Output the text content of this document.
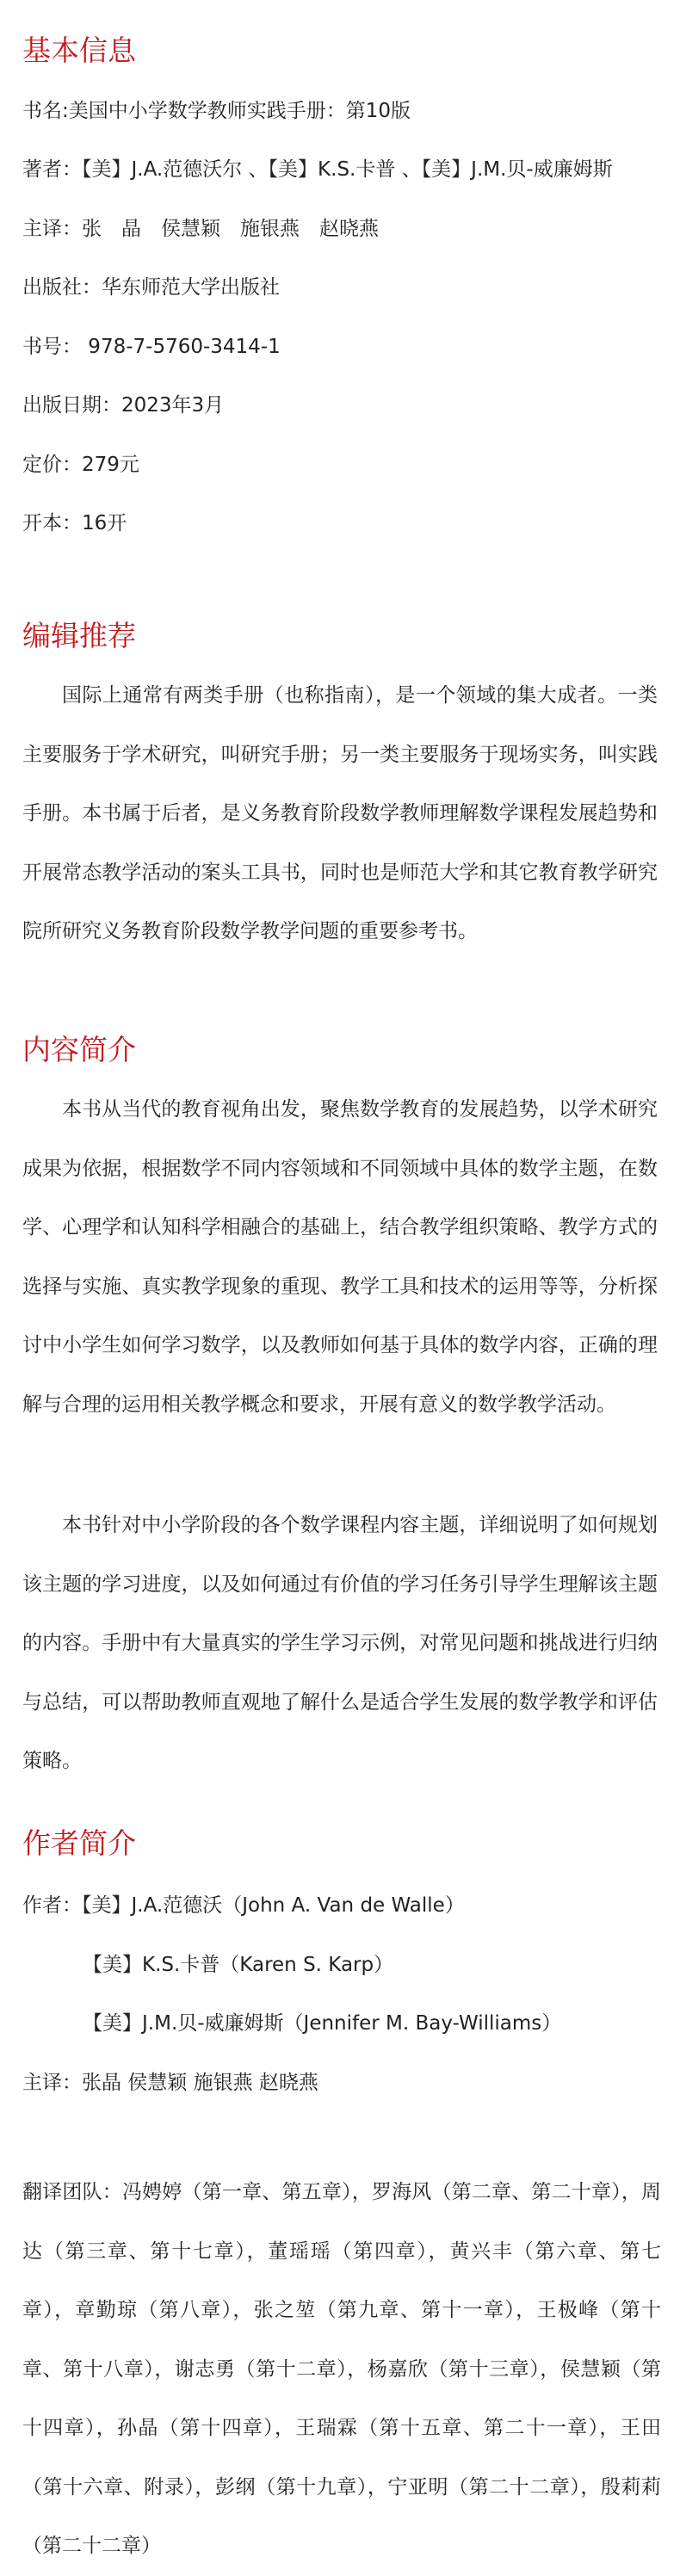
基本信息

书名:美国中小学数学教师实践手册：第10版

著者：【美】J.A.范德沃尔 、【美】K.S.卡普 、【美】J.M.贝-威廉姆斯

主译：张　晶　侯慧颖　施银燕　赵晓燕

出版社：华东师范大学出版社

书号： 978-7-5760-3414-1

出版日期：2023年3月

定价：279元

开本：16开

编辑推荐

国际上通常有两类手册（也称指南），是一个领域的集大成者。一类主要服务于学术研究，叫研究手册；另一类主要服务于现场实务，叫实践手册。本书属于后者，是义务教育阶段数学教师理解数学课程发展趋势和开展常态教学活动的案头工具书，同时也是师范大学和其它教育教学研究院所研究义务教育阶段数学教学问题的重要参考书。

内容简介

本书从当代的教育视角出发，聚焦数学教育的发展趋势，以学术研究成果为依据，根据数学不同内容领域和不同领域中具体的数学主题，在数学、心理学和认知科学相融合的基础上，结合教学组织策略、教学方式的选择与实施、真实教学现象的重现、教学工具和技术的运用等等，分析探讨中小学生如何学习数学，以及教师如何基于具体的数学内容，正确的理解与合理的运用相关教学概念和要求，开展有意义的数学教学活动。

本书针对中小学阶段的各个数学课程内容主题，详细说明了如何规划该主题的学习进度，以及如何通过有价值的学习任务引导学生理解该主题的内容。手册中有大量真实的学生学习示例，对常见问题和挑战进行归纳与总结，可以帮助教师直观地了解什么是适合学生发展的数学教学和评估策略。

作者简介

作者：【美】J.A.范德沃（John A. Van de Walle）

【美】K.S.卡普（Karen S. Karp）

【美】J.M.贝-威廉姆斯（Jennifer M. Bay-Williams）

主译：张晶 侯慧颖 施银燕 赵晓燕

翻译团队：冯娉婷（第一章、第五章），罗海风（第二章、第二十章），周达（第三章、第十七章），董瑶瑶（第四章），黄兴丰（第六章、第七章），章勤琼（第八章），张之堃（第九章、第十一章），王极峰（第十章、第十八章），谢志勇（第十二章），杨嘉欣（第十三章），侯慧颖（第十四章），孙晶（第十四章），王瑞霖（第十五章、第二十一章），王田（第十六章、附录），彭纲（第十九章），宁亚明（第二十二章），殷莉莉（第二十二章）
